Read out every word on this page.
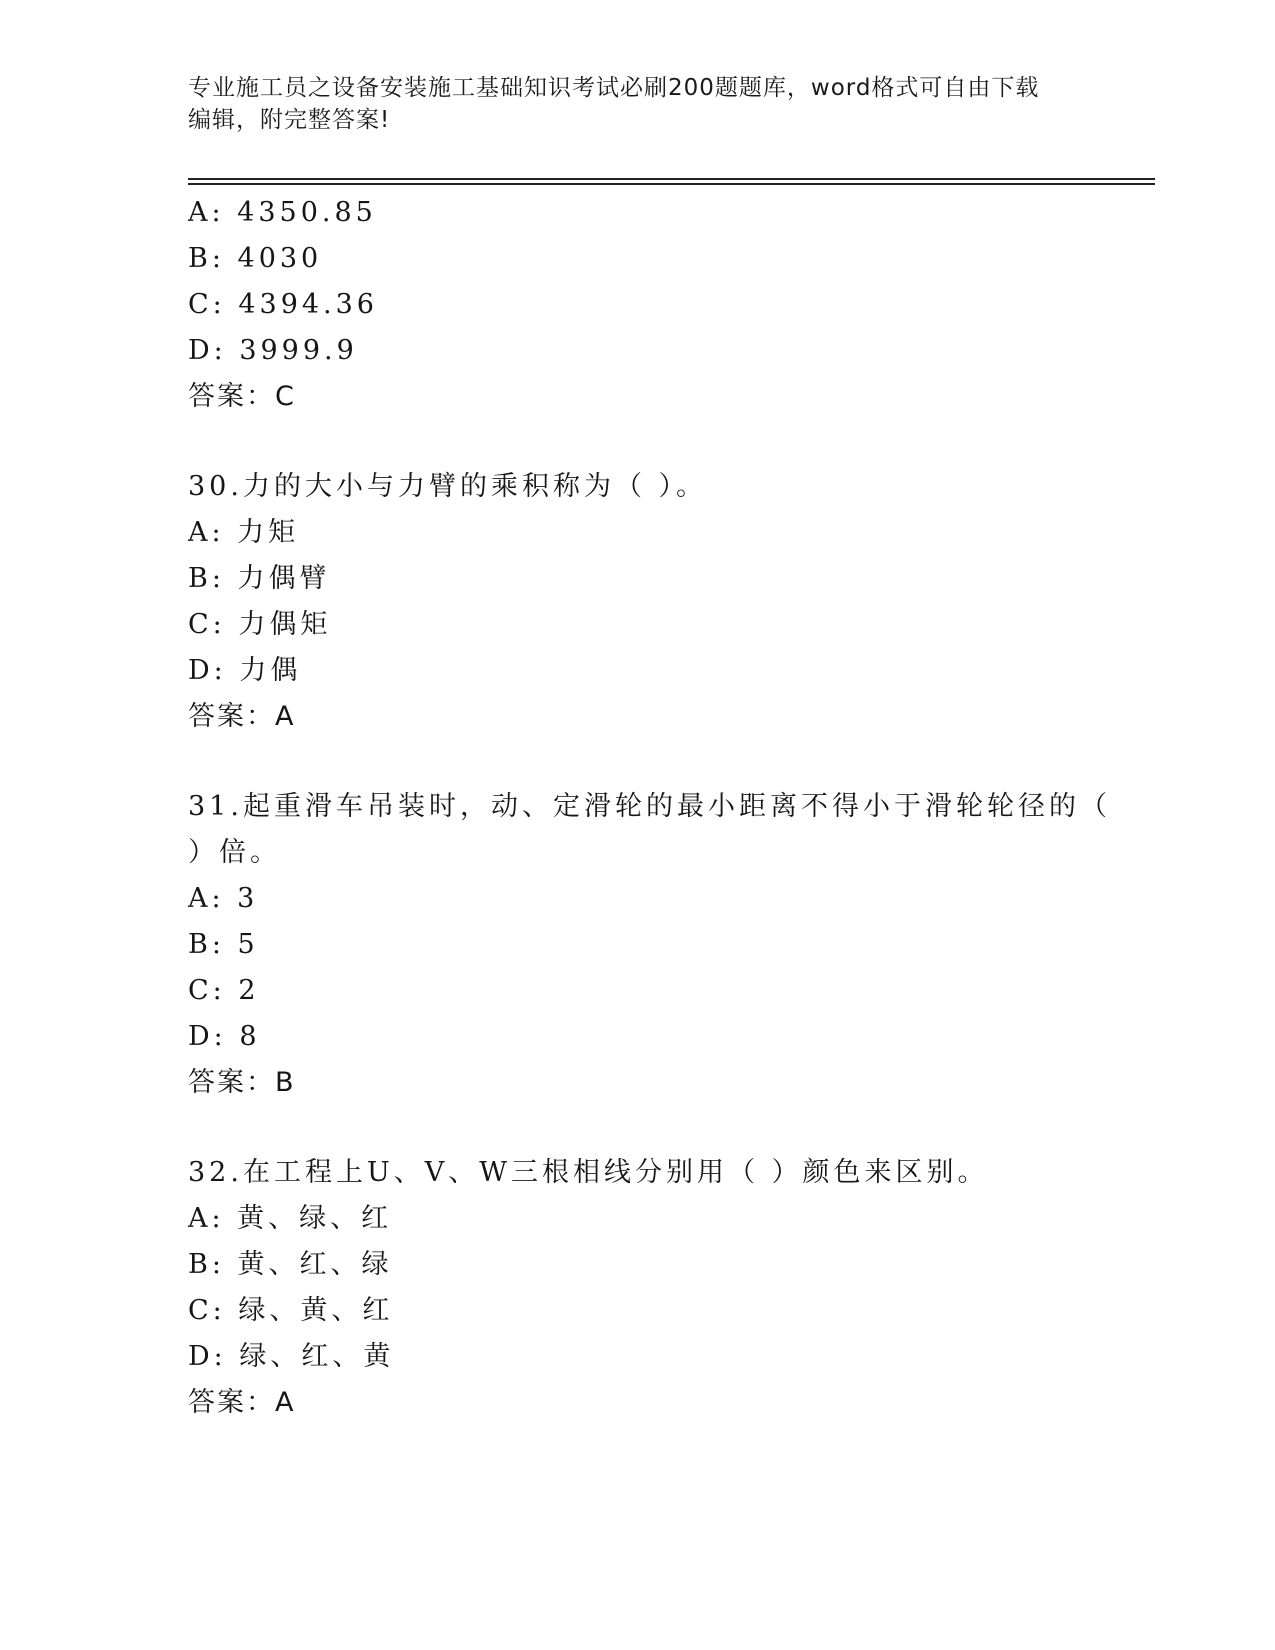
专业施工员之设备安装施工基础知识考试必刷200题题库，word格式可自由下载
编辑，附完整答案!
A: 4350.85
B: 4030
C: 4394.36
D: 3999.9
答案：C
30.力的大小与力臂的乘积称为（ ）。
A: 力矩
B: 力偶臂
C: 力偶矩
D: 力偶
答案：A
31.起重滑车吊装时，动、定滑轮的最小距离不得小于滑轮轮径的（
）倍。
A: 3
B: 5
C: 2
D: 8
答案：B
32.在工程上U、V、W三根相线分别用（ ）颜色来区别。
A: 黄、绿、红
B: 黄、红、绿
C: 绿、黄、红
D: 绿、红、黄
答案：A
